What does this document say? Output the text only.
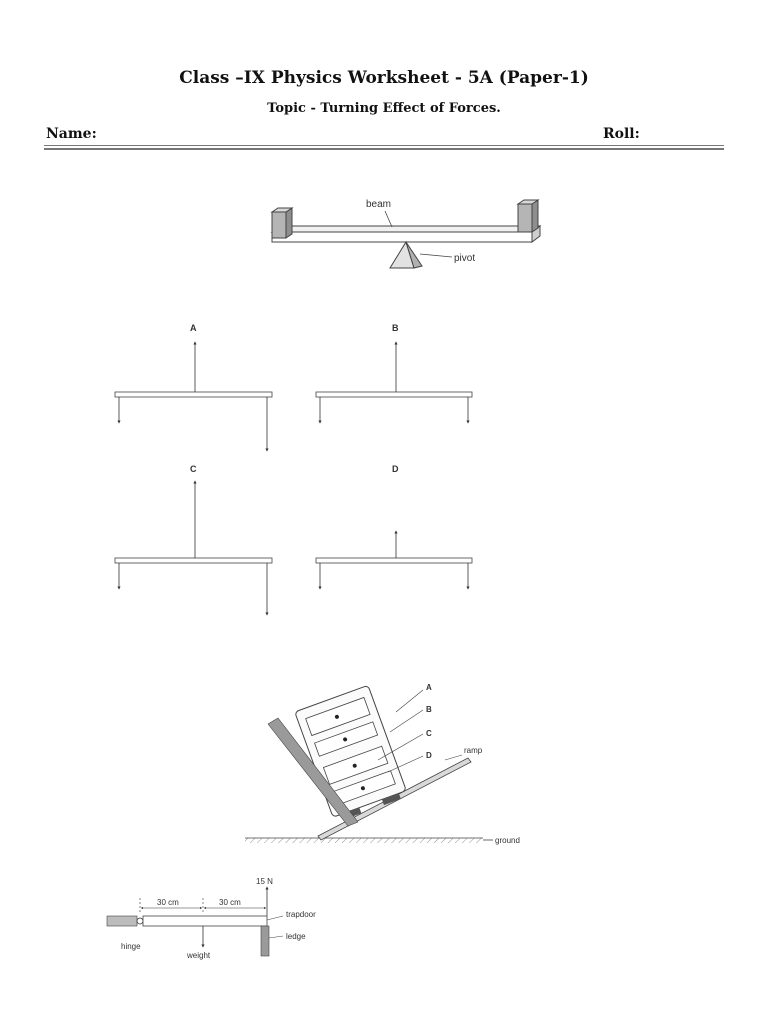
Class –IX Physics Worksheet - 5A (Paper-1)
Topic - Turning Effect of Forces.
Name:	Roll:
beam
pivot
A	B
C	D
ground
ramp
A
B
C
D
15 N
30 cm	30 cm
trapdoor
ledge
hinge
weight
